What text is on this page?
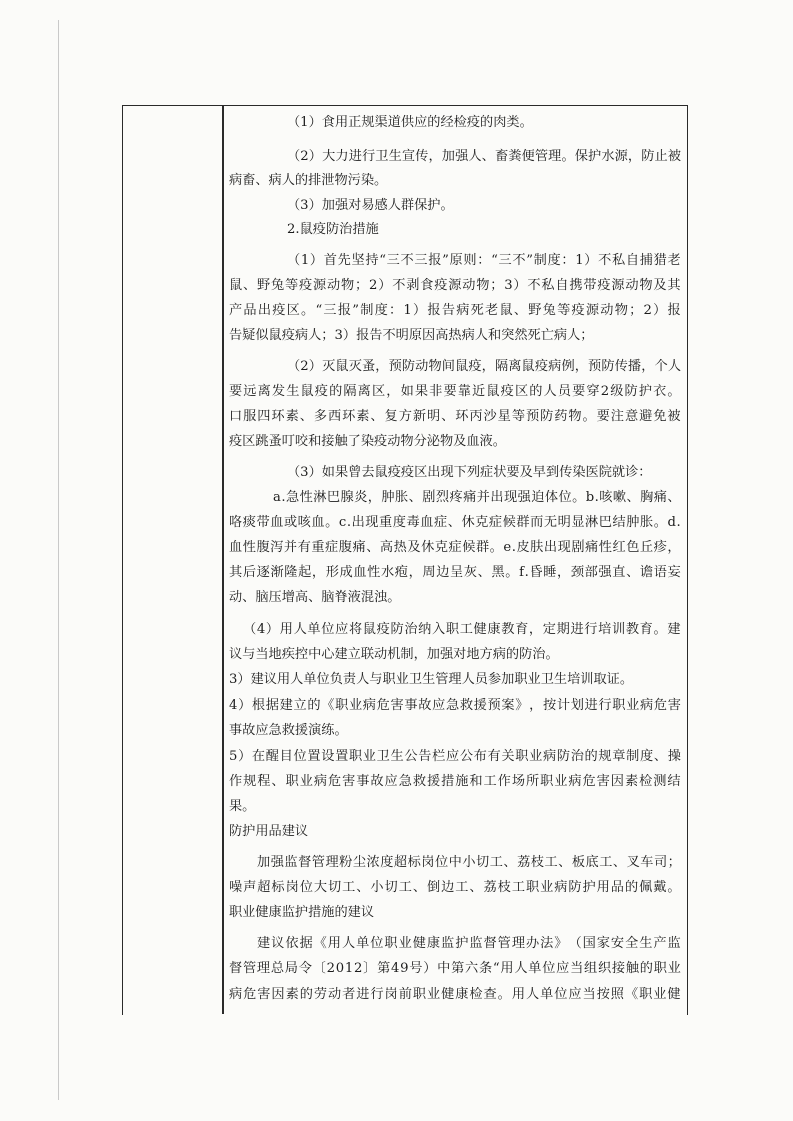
（1）食用正规渠道供应的经检疫的肉类。
（ 2 ） 大 力 进 行 卫 生 宣 传 ， 加 强 人 、 畜 粪 便 管 理 。 保 护 水 源 ， 防 止 被
病畜、病人的排泄物污染。
（3）加强对易感人群保护。
2.鼠疫防治措施
（ 1 ） 首 先 坚 持 “ 三 不 三 报 ” 原 则 ： “ 三 不 ” 制 度 ： 1 ） 不 私 自 捕 猎 老
鼠 、 野 兔 等 疫 源 动 物 ； 2 ） 不 剥 食 疫 源 动 物 ； 3 ） 不 私 自 携 带 疫 源 动 物 及 其
产 品 出 疫 区 。 “ 三 报 ” 制 度 ： 1 ） 报 告 病 死 老 鼠 、 野 兔 等 疫 源 动 物 ； 2 ） 报
告疑似鼠疫病人；3）报告不明原因高热病人和突然死亡病人；
（ 2 ） 灭 鼠 灭 蚤 ， 预 防 动 物 间 鼠 疫 ， 隔 离 鼠 疫 病 例 ， 预 防 传 播 ， 个 人
要 远 离 发 生 鼠 疫 的 隔 离 区 ， 如 果 非 要 靠 近 鼠 疫 区 的 人 员 要 穿 2 级 防 护 衣 。
口 服 四 环 素 、 多 西 环 素 、 复 方 新 明 、 环 丙 沙 星 等 预 防 药 物 。 要 注 意 避 免 被
疫区跳蚤叮咬和接触了染疫动物分泌物及血液。
（3）如果曾去鼠疫疫区出现下列症状要及早到传染医院就诊：
a . 急 性 淋 巴 腺 炎 ， 肿 胀 、 剧 烈 疼 痛 并 出 现 强 迫 体 位 。 b . 咳 嗽 、 胸 痛 、
咯 痰 带 血 或 咳 血 。 c . 出 现 重 度 毒 血 症 、 休 克 症 候 群 而 无 明 显 淋 巴 结 肿 胀 。 d .
血 性 腹 泻 并 有 重 症 腹 痛 、 高 热 及 休 克 症 候 群 。 e . 皮 肤 出 现 剧 痛 性 红 色 丘 疹 ，
其 后 逐 渐 隆 起 ， 形 成 血 性 水 疱 ， 周 边 呈 灰 、 黑 。 f . 昏 睡 ， 颈 部 强 直 、 谵 语 妄
动、脑压增高、脑脊液混浊。
（ 4 ） 用 人 单 位 应 将 鼠 疫 防 治 纳 入 职 工 健 康 教 育 ， 定 期 进 行 培 训 教 育 。 建
议与当地疾控中心建立联动机制，加强对地方病的防治。
3）建议用人单位负责人与职业卫生管理人员参加职业卫生培训取证。
4 ） 根 据 建 立 的 《 职 业 病 危 害 事 故 应 急 救 援 预 案 》 ， 按 计 划 进 行 职 业 病 危 害
事故应急救援演练。
5 ） 在 醒 目 位 置 设 置 职 业 卫 生 公 告 栏 应 公 布 有 关 职 业 病 防 治 的 规 章 制 度 、 操
作 规 程 、 职 业 病 危 害 事 故 应 急 救 援 措 施 和 工 作 场 所 职 业 病 危 害 因 素 检 测 结
果。
防护用品建议
加 强 监 督 管 理 粉 尘 浓 度 超 标 岗 位 中 小 切 工 、 荔 枝 工 、 板 底 工 、 叉 车 司 ；
噪 声 超 标 岗 位 大 切 工 、 小 切 工 、 倒 边 工 、 荔 枝 工 职 业 病 防 护 用 品 的 佩 戴 。
职业健康监护措施的建议
建 议 依 据 《 用 人 单 位 职 业 健 康 监 护 监 督 管 理 办 法 》 （ 国 家 安 全 生 产 监
督 管 理 总 局 令 〔 2 0 1 2 〕 第 4 9 号 ） 中 第 六 条 “ 用 人 单 位 应 当 组 织 接 触 的 职 业
病 危 害 因 素 的 劳 动 者 进 行 岗 前 职 业 健 康 检 查 。 用 人 单 位 应 当 按 照 《 职 业 健
